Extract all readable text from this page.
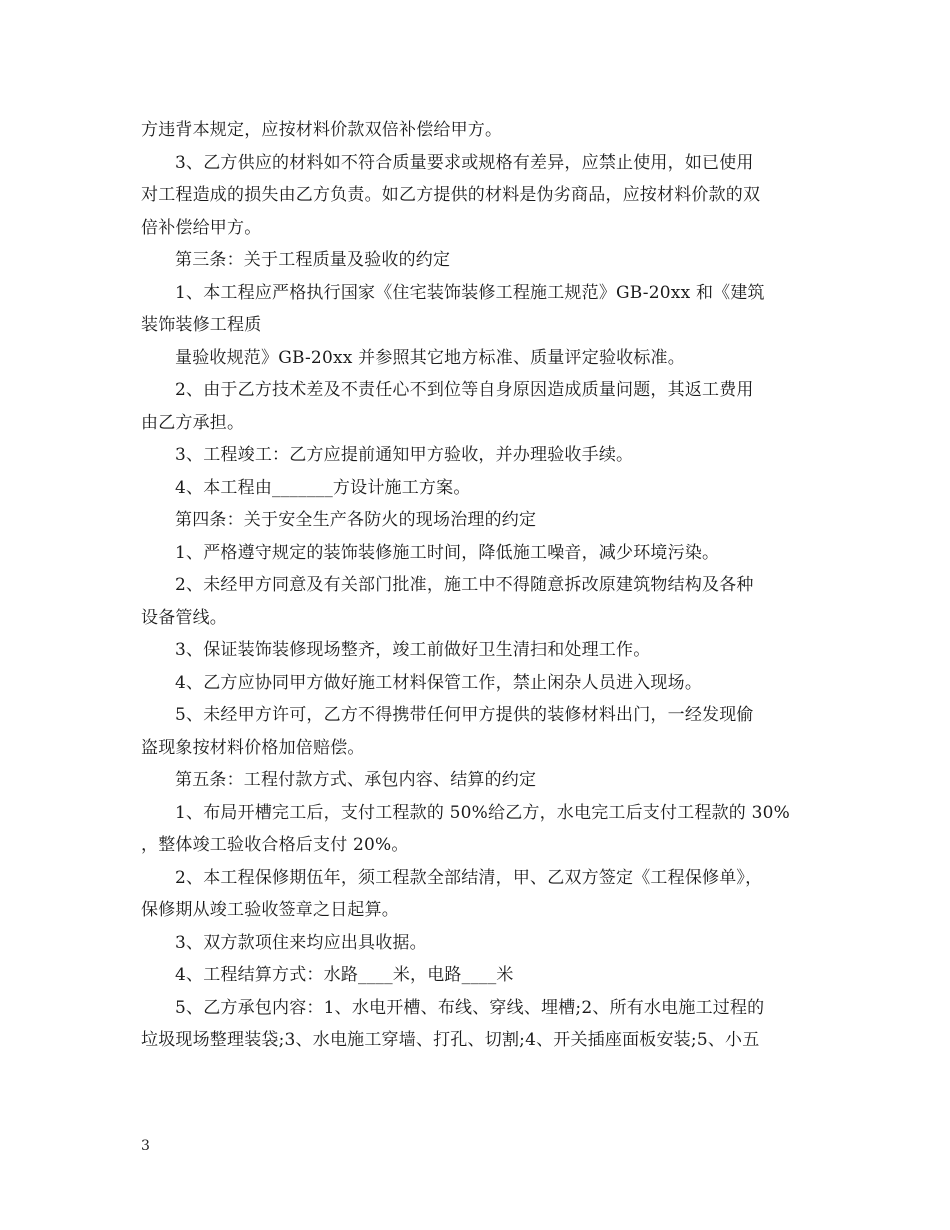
方违背本规定，应按材料价款双倍补偿给甲方。
3、乙方供应的材料如不符合质量要求或规格有差异，应禁止使用，如已使用
对工程造成的损失由乙方负责。如乙方提供的材料是伪劣商品，应按材料价款的双
倍补偿给甲方。
第三条：关于工程质量及验收的约定
1、本工程应严格执行国家《住宅装饰装修工程施工规范》GB-20xx 和《建筑
装饰装修工程质
量验收规范》GB-20xx 并参照其它地方标准、质量评定验收标准。
2、由于乙方技术差及不责任心不到位等自身原因造成质量问题，其返工费用
由乙方承担。
3、工程竣工：乙方应提前通知甲方验收，并办理验收手续。
4、本工程由_______方设计施工方案。
第四条：关于安全生产各防火的现场治理的约定
1、严格遵守规定的装饰装修施工时间，降低施工噪音，减少环境污染。
2、未经甲方同意及有关部门批准，施工中不得随意拆改原建筑物结构及各种
设备管线。
3、保证装饰装修现场整齐，竣工前做好卫生清扫和处理工作。
4、乙方应协同甲方做好施工材料保管工作，禁止闲杂人员进入现场。
5、未经甲方许可，乙方不得携带任何甲方提供的装修材料出门，一经发现偷
盗现象按材料价格加倍赔偿。
第五条：工程付款方式、承包内容、结算的约定
1、布局开槽完工后，支付工程款的 50%给乙方，水电完工后支付工程款的 30%
，整体竣工验收合格后支付 20%。
2、本工程保修期伍年，须工程款全部结清，甲、乙双方签定《工程保修单》，
保修期从竣工验收签章之日起算。
3、双方款项住来均应出具收据。
4、工程结算方式：水路____米，电路____米
5、乙方承包内容：1、水电开槽、布线、穿线、埋槽;2、所有水电施工过程的
垃圾现场整理装袋;3、水电施工穿墙、打孔、切割;4、开关插座面板安装;5、小五
3
